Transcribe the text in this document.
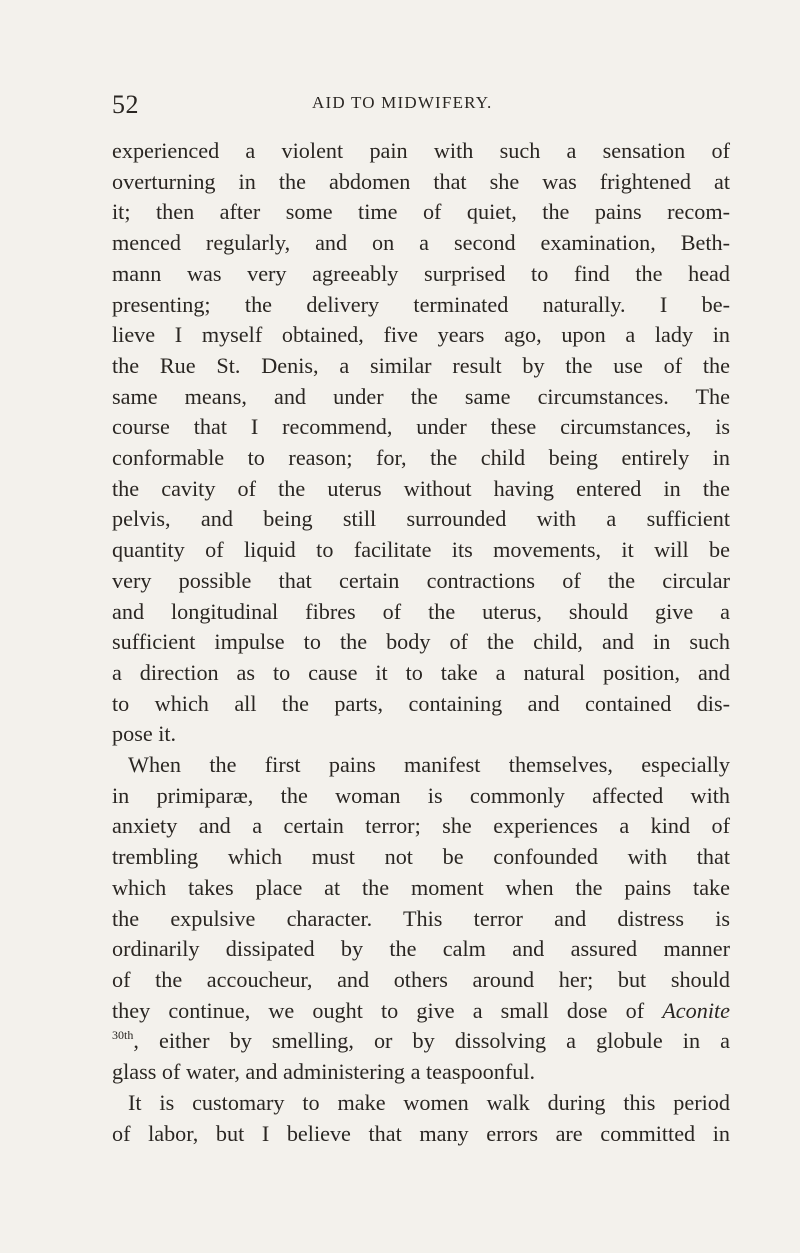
52	AID TO MIDWIFERY.
experienced a violent pain with such a sensation of
overturning in the abdomen that she was frightened at
it; then after some time of quiet, the pains recom-
menced regularly, and on a second examination, Beth-
mann was very agreeably surprised to find the head
presenting; the delivery terminated naturally. I be-
lieve I myself obtained, five years ago, upon a lady in
the Rue St. Denis, a similar result by the use of the
same means, and under the same circumstances. The
course that I recommend, under these circumstances, is
conformable to reason; for, the child being entirely in
the cavity of the uterus without having entered in the
pelvis, and being still surrounded with a sufficient
quantity of liquid to facilitate its movements, it will be
very possible that certain contractions of the circular
and longitudinal fibres of the uterus, should give a
sufficient impulse to the body of the child, and in such
a direction as to cause it to take a natural position, and
to which all the parts, containing and contained dis-
pose it.
When the first pains manifest themselves, especially
in primiparæ, the woman is commonly affected with
anxiety and a certain terror; she experiences a kind of
trembling which must not be confounded with that
which takes place at the moment when the pains take
the expulsive character. This terror and distress is
ordinarily dissipated by the calm and assured manner
of the accoucheur, and others around her; but should
they continue, we ought to give a small dose of Aconite
$^{30th}$, either by smelling, or by dissolving a globule in a
glass of water, and administering a teaspoonful.
It is customary to make women walk during this period
of labor, but I believe that many errors are committed in
